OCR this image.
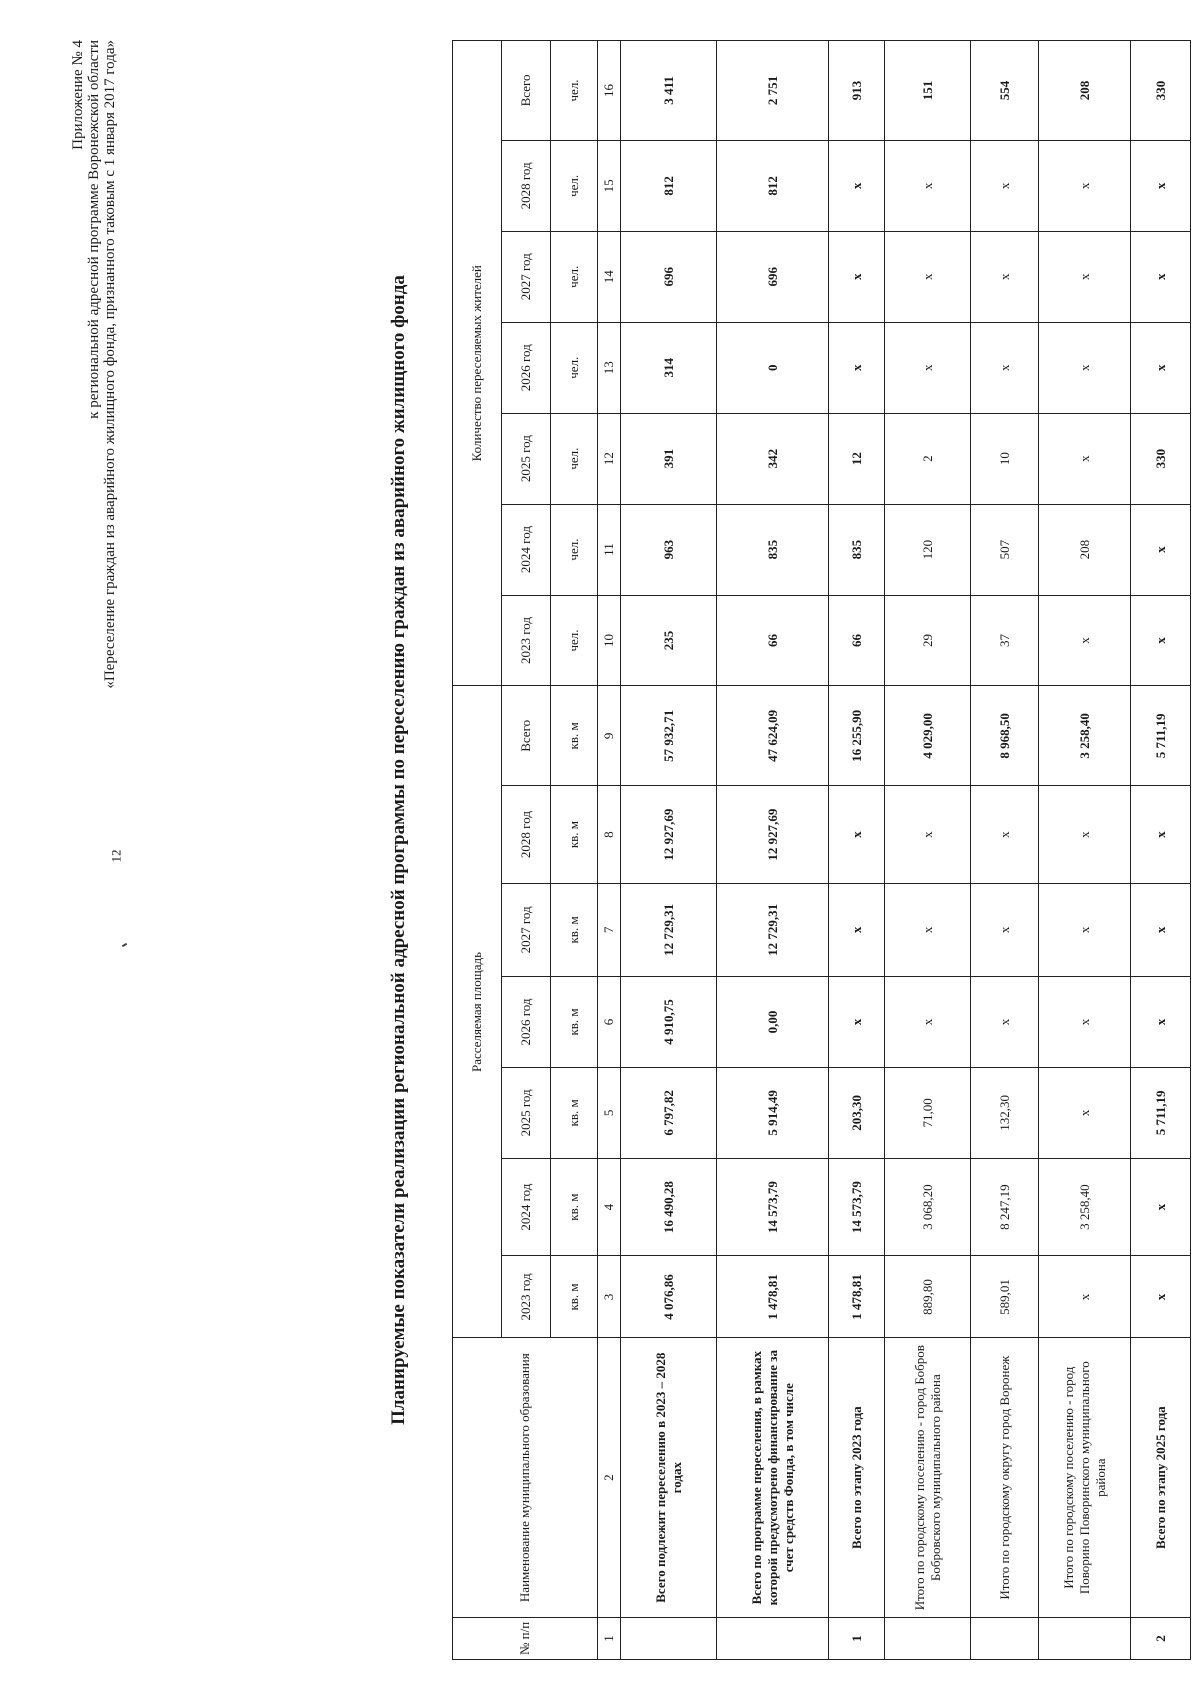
12
Приложение № 4 к региональной адресной программе Воронежской области «Переселение граждан из аварийного жилищного фонда, признанного таковым с 1 января 2017 года»	Планируемые показатели реализации региональной адресной программы по переселению граждан из аварийного жилищного фонда
№ п/п	Наименование муниципального образования	Расселяемая площадь							Количество переселяемых жителей						
		2023 год	2024 год	2025 год	2026 год	2027 год	2028 год	Всего	2023 год	2024 год	2025 год	2026 год	2027 год	2028 год	Всего
		кв. м	кв. м	кв. м	кв. м	кв. м	кв. м	кв. м	чел.	чел.	чел.	чел.	чел.	чел.	чел.
1	2	3	4	5	6	7	8	9	10	11	12	13	14	15	16
	Всего подлежит переселению в 2023 – 2028 годах	4 076,86	16 490,28	6 797,82	4 910,75	12 729,31	12 927,69	57 932,71	235	963	391	314	696	812	3 411
	Всего по программе переселения, в рамках которой предусмотрено финансирование за счет средств Фонда, в том числе	1 478,81	14 573,79	5 914,49	0,00	12 729,31	12 927,69	47 624,09	66	835	342	0	696	812	2 751
1	Всего по этапу 2023 года	1 478,81	14 573,79	203,30	x	x	x	16 255,90	66	835	12	x	x	x	913
	Итого по городскому поселению - город Бобров Бобровского муниципального района	889,80	3 068,20	71,00	x	x	x	4 029,00	29	120	2	x	x	x	151
	Итого по городскому округу город Воронеж	589,01	8 247,19	132,30	x	x	x	8 968,50	37	507	10	x	x	x	554
	Итого по городскому поселению - город Поворино Поворинского муниципального района	x	3 258,40	x	x	x	x	3 258,40	x	208	x	x	x	x	208
2	Всего по этапу 2025 года	x	x	5 711,19	x	x	x	5 711,19	x	x	330	x	x	x	330
